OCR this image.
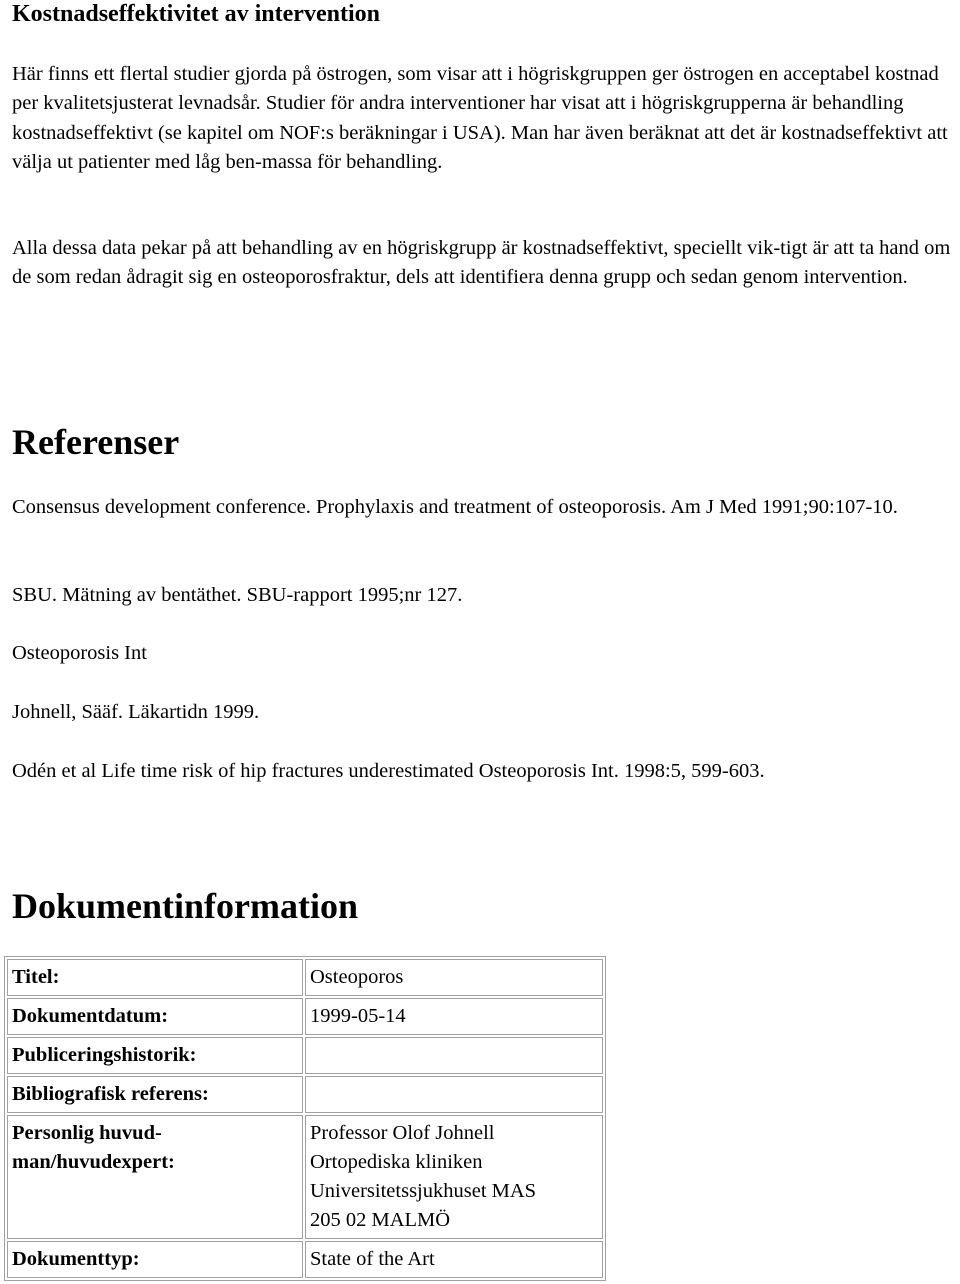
Kostnadseffektivitet av intervention

Här finns ett flertal studier gjorda på östrogen, som visar att i högriskgruppen ger östrogen en acceptabel kostnad per kvalitetsjusterat levnadsår. Studier för andra interventioner har visat att i högriskgrupperna är behandling kostnadseffektivt (se kapitel om NOF:s beräkningar i USA). Man har även beräknat att det är kostnadseffektivt att välja ut patienter med låg ben-massa för behandling.

Alla dessa data pekar på att behandling av en högriskgrupp är kostnadseffektivt, speciellt vik-tigt är att ta hand om de som redan ådragit sig en osteoporosfraktur, dels att identifiera denna grupp och sedan genom intervention.

Referenser

Consensus development conference. Prophylaxis and treatment of osteoporosis. Am J Med 1991;90:107-10.

SBU. Mätning av bentäthet. SBU-rapport 1995;nr 127.

Osteoporosis Int

Johnell, Sääf. Läkartidn 1999.

Odén et al Life time risk of hip fractures underestimated Osteoporosis Int. 1998:5, 599-603.

Dokumentinformation
Titel:	Osteoporos
Dokumentdatum:	1999-05-14
Publiceringshistorik:	
Bibliografisk referens:	

Personlig huvud-
man/huvudexpert:	Professor Olof Johnell
Ortopediska kliniken
Universitetssjukhuset MAS
205 02 MALMÖ

Dokumenttyp:	State of the Art
